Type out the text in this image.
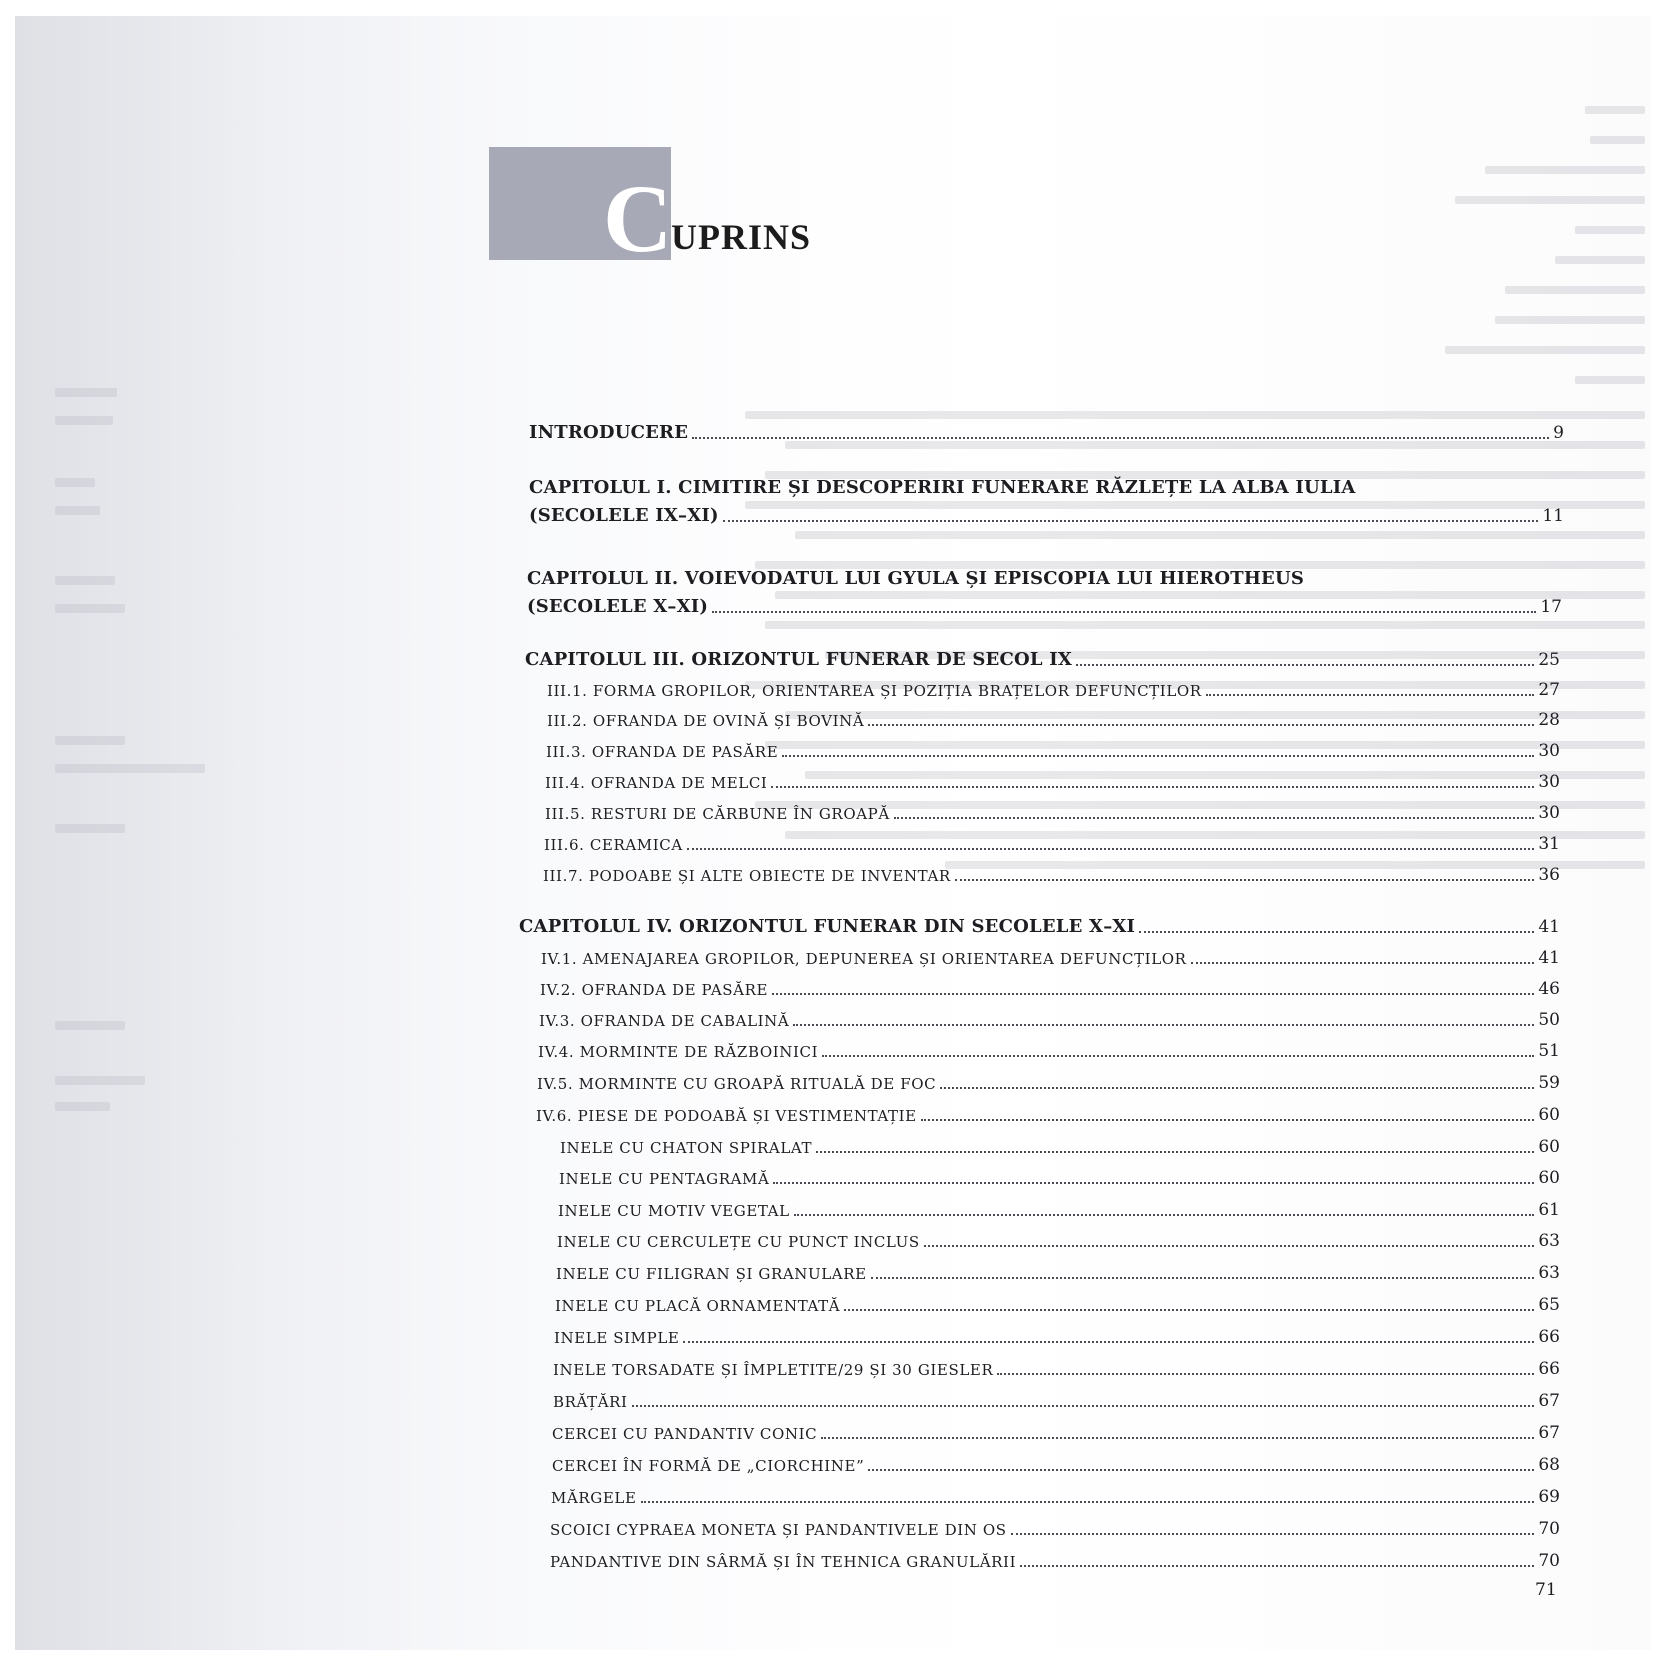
C
UPRINS
INTRODUCERE	9
CAPITOLUL I. CIMITIRE ȘI DESCOPERIRI FUNERARE RĂZLEȚE LA ALBA IULIA
(SECOLELE IX–XI)	11
CAPITOLUL II. VOIEVODATUL LUI GYULA ȘI EPISCOPIA LUI HIEROTHEUS
(SECOLELE X–XI)	17
CAPITOLUL III. ORIZONTUL FUNERAR DE SECOL IX	25
III.1. FORMA GROPILOR, ORIENTAREA ȘI POZIȚIA BRAȚELOR DEFUNCȚILOR	27
III.2. OFRANDA DE OVINĂ ȘI BOVINĂ	28
III.3. OFRANDA DE PASĂRE	30
III.4. OFRANDA DE MELCI	30
III.5. RESTURI DE CĂRBUNE ÎN GROAPĂ	30
III.6. CERAMICA	31
III.7. PODOABE ȘI ALTE OBIECTE DE INVENTAR	36
CAPITOLUL IV. ORIZONTUL FUNERAR DIN SECOLELE X–XI	41
IV.1. AMENAJAREA GROPILOR, DEPUNEREA ȘI ORIENTAREA DEFUNCȚILOR	41
IV.2. OFRANDA DE PASĂRE	46
IV.3. OFRANDA DE CABALINĂ	50
IV.4. MORMINTE DE RĂZBOINICI	51
IV.5. MORMINTE CU GROAPĂ RITUALĂ DE FOC	59
IV.6. PIESE DE PODOABĂ ȘI VESTIMENTAȚIE	60
INELE CU CHATON SPIRALAT	60
INELE CU PENTAGRAMĂ	60
INELE CU MOTIV VEGETAL	61
INELE CU CERCULEȚE CU PUNCT INCLUS	63
INELE CU FILIGRAN ȘI GRANULARE	63
INELE CU PLACĂ ORNAMENTATĂ	65
INELE SIMPLE	66
INELE TORSADATE ȘI ÎMPLETITE/29 ȘI 30 GIESLER	66
BRĂȚĂRI	67
CERCEI CU PANDANTIV CONIC	67
CERCEI ÎN FORMĂ DE „CIORCHINE”	68
MĂRGELE	69
SCOICI CYPRAEA MONETA ȘI PANDANTIVELE DIN OS	70
PANDANTIVE DIN SÂRMĂ ȘI ÎN TEHNICA GRANULĂRII	70
71
